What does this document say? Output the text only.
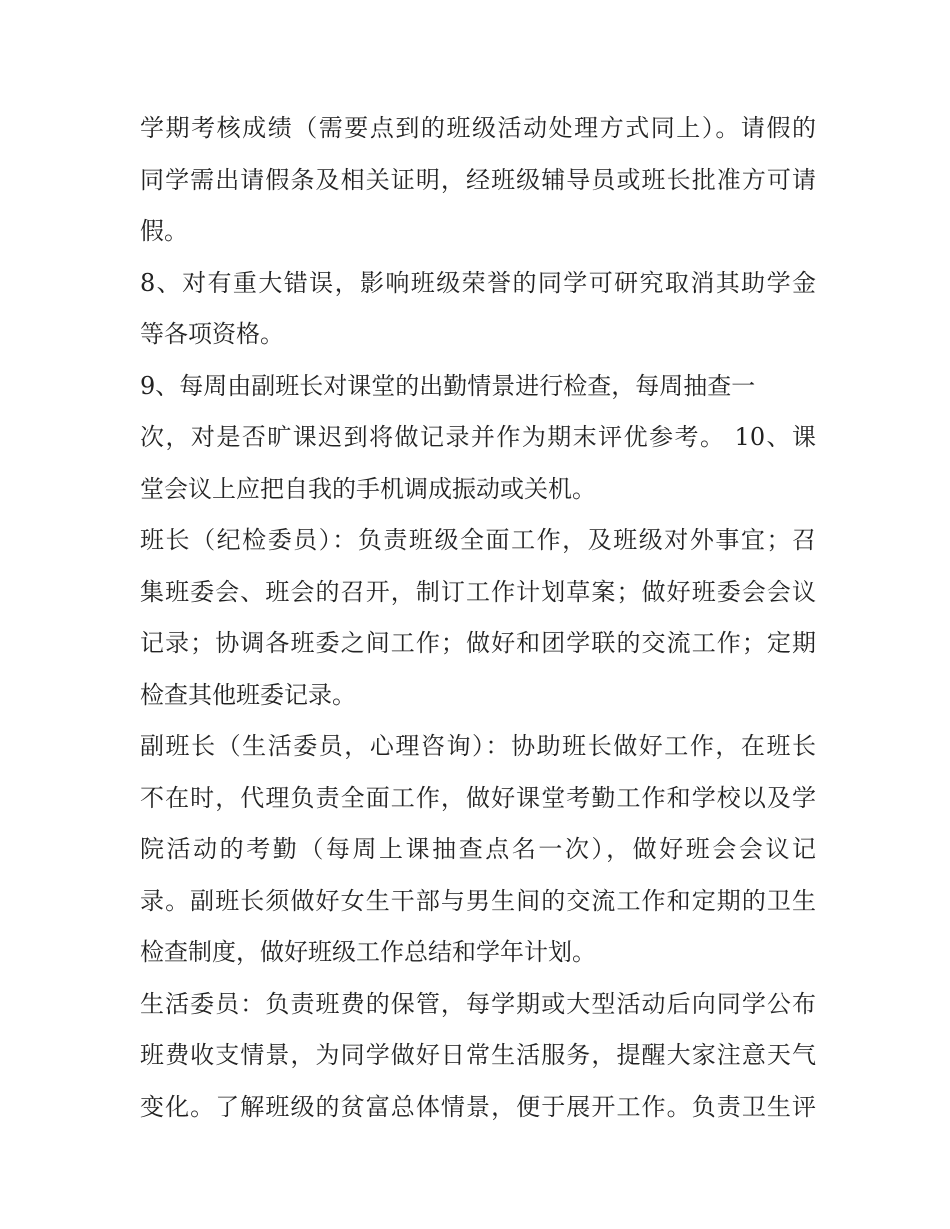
学期考核成绩（需要点到的班级活动处理方式同上）。请假的
同学需出请假条及相关证明，经班级辅导员或班长批准方可请
假。
8、对有重大错误，影响班级荣誉的同学可研究取消其助学金
等各项资格。
9、每周由副班长对课堂的出勤情景进行检查，每周抽查一
次，对是否旷课迟到将做记录并作为期末评优参考。 10、课
堂会议上应把自我的手机调成振动或关机。
班长（纪检委员）：负责班级全面工作，及班级对外事宜；召
集班委会、班会的召开，制订工作计划草案；做好班委会会议
记录；协调各班委之间工作；做好和团学联的交流工作；定期
检查其他班委记录。
副班长（生活委员，心理咨询）：协助班长做好工作，在班长
不在时，代理负责全面工作，做好课堂考勤工作和学校以及学
院活动的考勤（每周上课抽查点名一次），做好班会会议记
录。副班长须做好女生干部与男生间的交流工作和定期的卫生
检查制度，做好班级工作总结和学年计划。
生活委员：负责班费的保管，每学期或大型活动后向同学公布
班费收支情景，为同学做好日常生活服务，提醒大家注意天气
变化。了解班级的贫富总体情景，便于展开工作。负责卫生评
